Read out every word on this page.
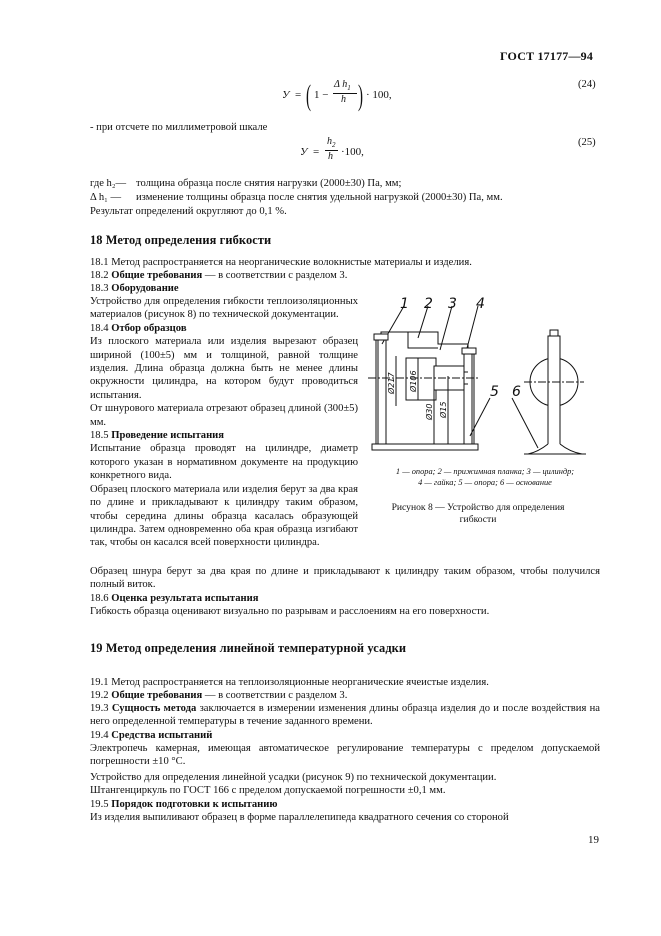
ГОСТ 17177—94
У = ( 1 −
Δ $h_1$
h ) · 100,
(24)
- при отсчете по миллиметровой шкале
У =
$h_2$
h ·100,
(25)
где h₂— толщина образца после снятия нагрузки (2000±30) Па, мм;
Δ h₁ — изменение толщины образца после снятия удельной нагрузкой (2000±30) Па, мм.
Результат определений округляют до 0,1 %.
18 Метод определения гибкости
18.1 Метод распространяется на неорганические волокнистые материалы и изделия.
18.2 Общие требования — в соответствии с разделом 3.
18.3 Оборудование
Устройство для определения гибкости теплоизоляционных материалов (рисунок 8) по технической документации.
18.4 Отбор образцов
Из плоского материала или изделия вырезают образец шириной (100±5) мм и толщиной, равной толщине изделия. Длина образца должна быть не менее длины окружности цилиндра, на котором будут проводиться испытания.
От шнурового материала отрезают образец длиной (300±5) мм.
18.5 Проведение испытания
Испытание образца проводят на цилиндре, диаметр которого указан в нормативном документе на продукцию конкретного вида.
Образец плоского материала или изделия берут за два края по длине и прикладывают к цилиндру таким образом, чтобы середина длины образца касалась образующей цилиндра. Затем одновременно оба края образца изгибают так, чтобы он касался всей поверхности цилиндра.
1 2 3 4
5 6
Ø217 Ø106
Ø30 Ø15
1 — опора; 2 — прижимная планка; 3 — цилиндр;
4 — гайка; 5 — опора; 6 — основание
Рисунок 8 — Устройство для определения
гибкости
Образец шнура берут за два края по длине и прикладывают к цилиндру таким образом, чтобы получился полный виток.
18.6 Оценка результата испытания
Гибкость образца оценивают визуально по разрывам и расслоениям на его поверхности.
19 Метод определения линейной температурной усадки
19.1 Метод распространяется на теплоизоляционные неорганические ячеистые изделия.
19.2 Общие требования — в соответствии с разделом 3.
19.3 Сущность метода заключается в измерении изменения длины образца изделия до и после воздействия на него определенной температуры в течение заданного времени.
19.4 Средства испытаний
Электропечь камерная, имеющая автоматическое регулирование температуры с пределом допускаемой погрешности ±10 °С.
Устройство для определения линейной усадки (рисунок 9) по технической документации.
Штангенциркуль по ГОСТ 166 с пределом допускаемой погрешности ±0,1 мм.
19.5 Порядок подготовки к испытанию
Из изделия выпиливают образец в форме параллелепипеда квадратного сечения со стороной
19
